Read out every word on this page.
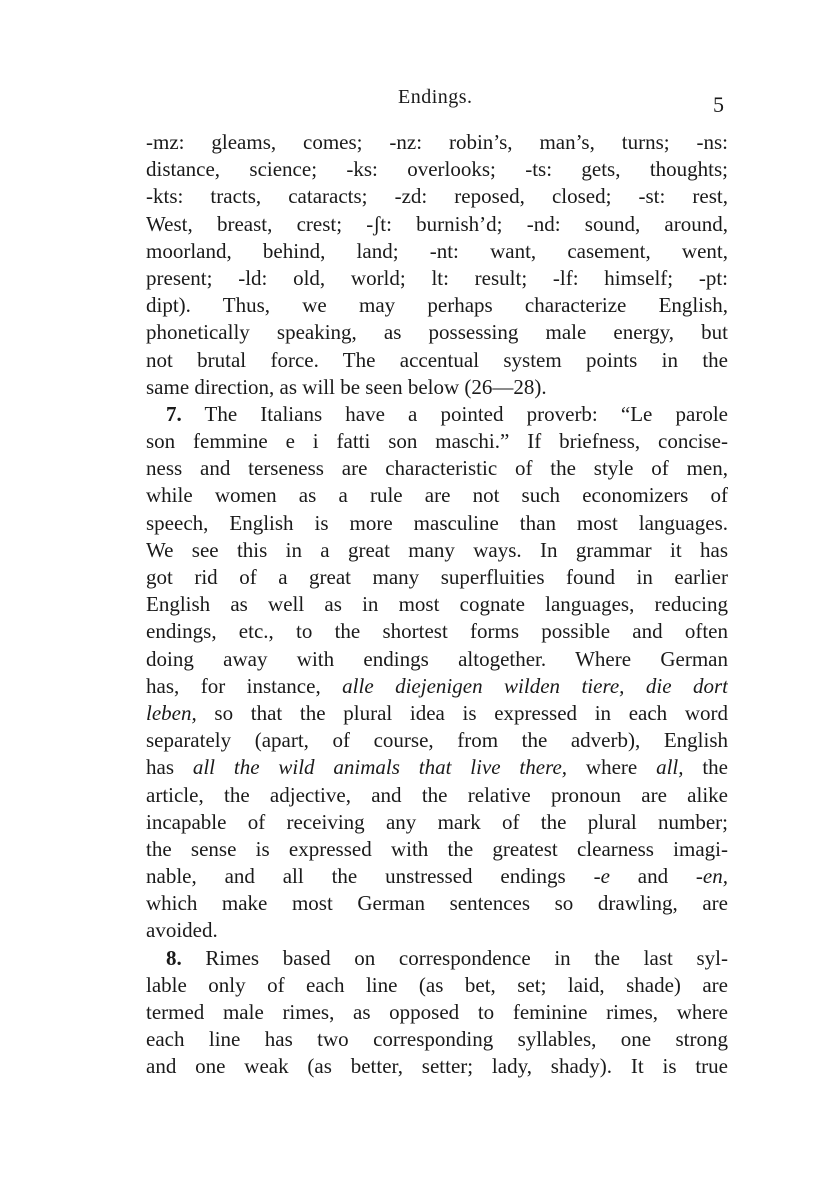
Endings.	5
-mz: gleams, comes; -nz: robin’s, man’s, turns; -ns:
distance, science; -ks: overlooks; -ts: gets, thoughts;
-kts: tracts, cataracts; -zd: reposed, closed; -st: rest,
West, breast, crest; -ʃt: burnish’d; -nd: sound, around,
moorland, behind, land; -nt: want, casement, went,
present; -ld: old, world; lt: result; -lf: himself; -pt:
dipt). Thus, we may perhaps characterize English,
phonetically speaking, as possessing male energy, but
not brutal force. The accentual system points in the
same direction, as will be seen below (26—28).
7. The Italians have a pointed proverb: “Le parole
son femmine e i fatti son maschi.” If briefness, concise-
ness and terseness are characteristic of the style of men,
while women as a rule are not such economizers of
speech, English is more masculine than most languages.
We see this in a great many ways. In grammar it has
got rid of a great many superfluities found in earlier
English as well as in most cognate languages, reducing
endings, etc., to the shortest forms possible and often
doing away with endings altogether. Where German
has, for instance, alle diejenigen wilden tiere, die dort
leben, so that the plural idea is expressed in each word
separately (apart, of course, from the adverb), English
has all the wild animals that live there, where all, the
article, the adjective, and the relative pronoun are alike
incapable of receiving any mark of the plural number;
the sense is expressed with the greatest clearness imagi-
nable, and all the unstressed endings -e and -en,
which make most German sentences so drawling, are
avoided.
8. Rimes based on correspondence in the last syl-
lable only of each line (as bet, set; laid, shade) are
termed male rimes, as opposed to feminine rimes, where
each line has two corresponding syllables, one strong
and one weak (as better, setter; lady, shady). It is true
